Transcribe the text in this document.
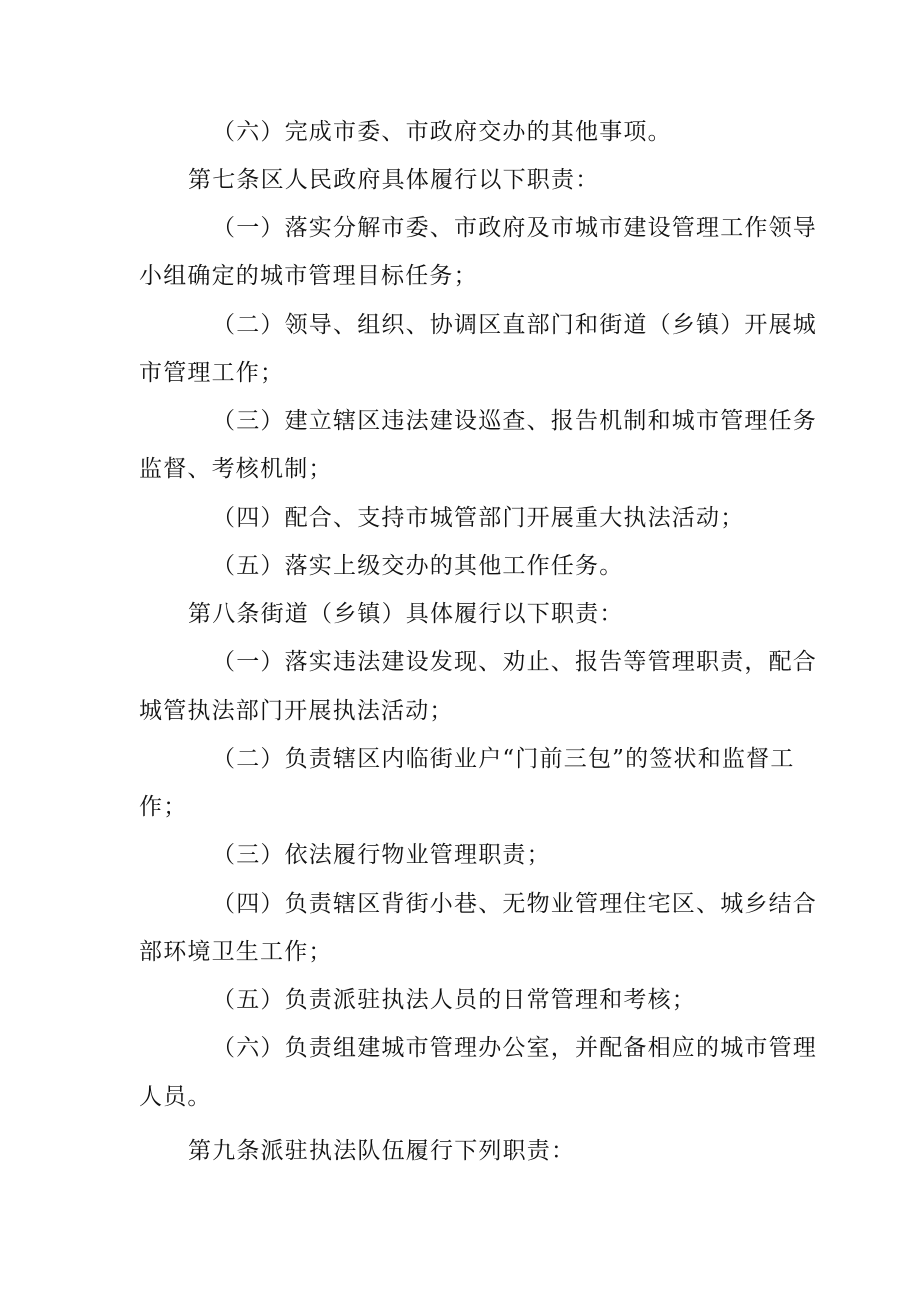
（六）完成市委、市政府交办的其他事项。
第七条区人民政府具体履行以下职责：
（一）落实分解市委、市政府及市城市建设管理工作领导
小组确定的城市管理目标任务；
（二）领导、组织、协调区直部门和街道（乡镇）开展城
市管理工作；
（三）建立辖区违法建设巡查、报告机制和城市管理任务
监督、考核机制；
（四）配合、支持市城管部门开展重大执法活动；
（五）落实上级交办的其他工作任务。
第八条街道（乡镇）具体履行以下职责：
（一）落实违法建设发现、劝止、报告等管理职责，配合
城管执法部门开展执法活动；
（二）负责辖区内临街业户“门前三包”的签状和监督工
作；
（三）依法履行物业管理职责；
（四）负责辖区背街小巷、无物业管理住宅区、城乡结合
部环境卫生工作；
（五）负责派驻执法人员的日常管理和考核；
（六）负责组建城市管理办公室，并配备相应的城市管理
人员。
第九条派驻执法队伍履行下列职责：
